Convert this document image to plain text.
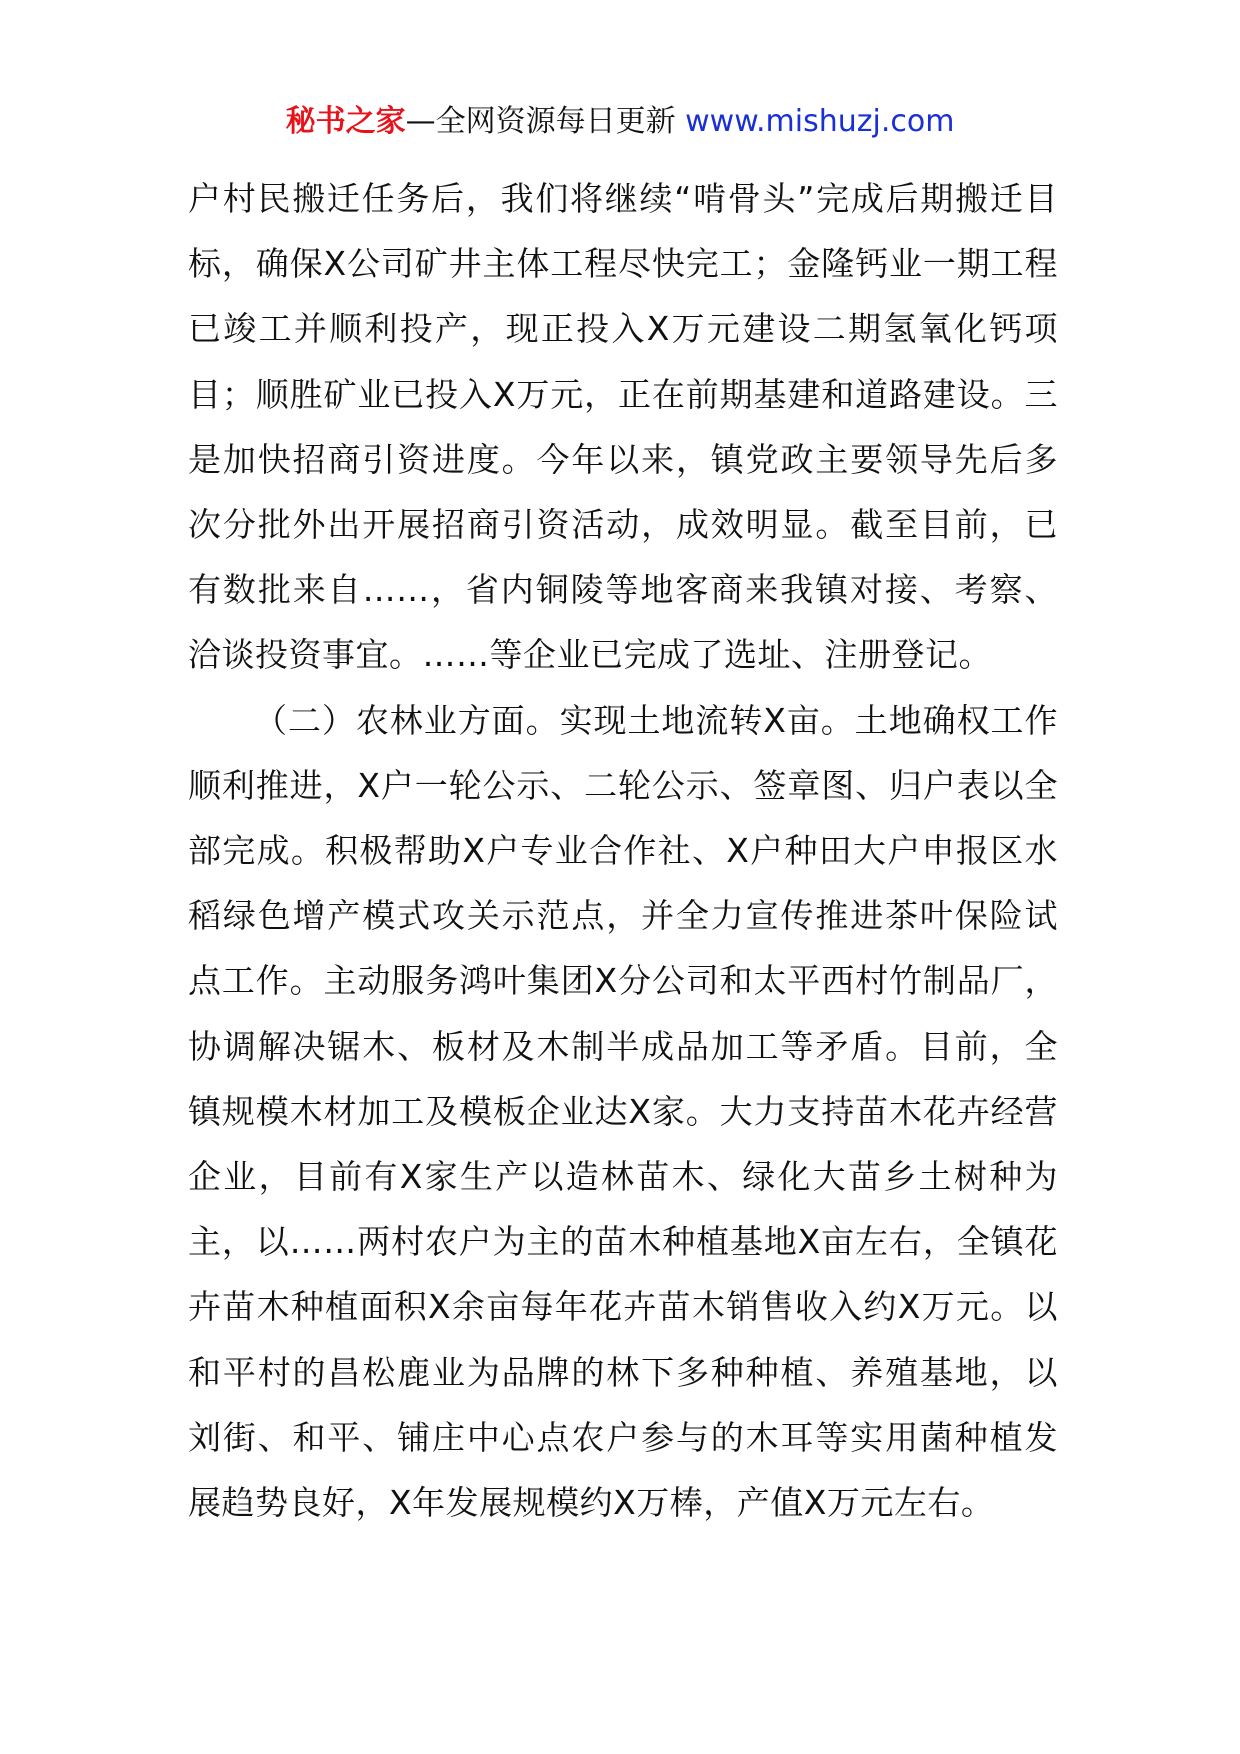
秘书之家—全网资源每日更新 www.mishuzj.com

户村民搬迁任务后，我们将继续“啃骨头”完成后期搬迁目标，确保X公司矿井主体工程尽快完工；金隆钙业一期工程已竣工并顺利投产，现正投入X万元建设二期氢氧化钙项目；顺胜矿业已投入X万元，正在前期基建和道路建设。三是加快招商引资进度。今年以来，镇党政主要领导先后多次分批外出开展招商引资活动，成效明显。截至目前，已有数批来自……，省内铜陵等地客商来我镇对接、考察、洽谈投资事宜。……等企业已完成了选址、注册登记。

（二）农林业方面。实现土地流转X亩。土地确权工作顺利推进，X户一轮公示、二轮公示、签章图、归户表以全部完成。积极帮助X户专业合作社、X户种田大户申报区水稻绿色增产模式攻关示范点，并全力宣传推进茶叶保险试点工作。主动服务鸿叶集团X分公司和太平西村竹制品厂，协调解决锯木、板材及木制半成品加工等矛盾。目前，全镇规模木材加工及模板企业达X家。大力支持苗木花卉经营企业，目前有X家生产以造林苗木、绿化大苗乡土树种为主，以……两村农户为主的苗木种植基地X亩左右，全镇花卉苗木种植面积X余亩每年花卉苗木销售收入约X万元。以和平村的昌松鹿业为品牌的林下多种种植、养殖基地，以刘街、和平、铺庄中心点农户参与的木耳等实用菌种植发展趋势良好，X年发展规模约X万棒，产值X万元左右。
